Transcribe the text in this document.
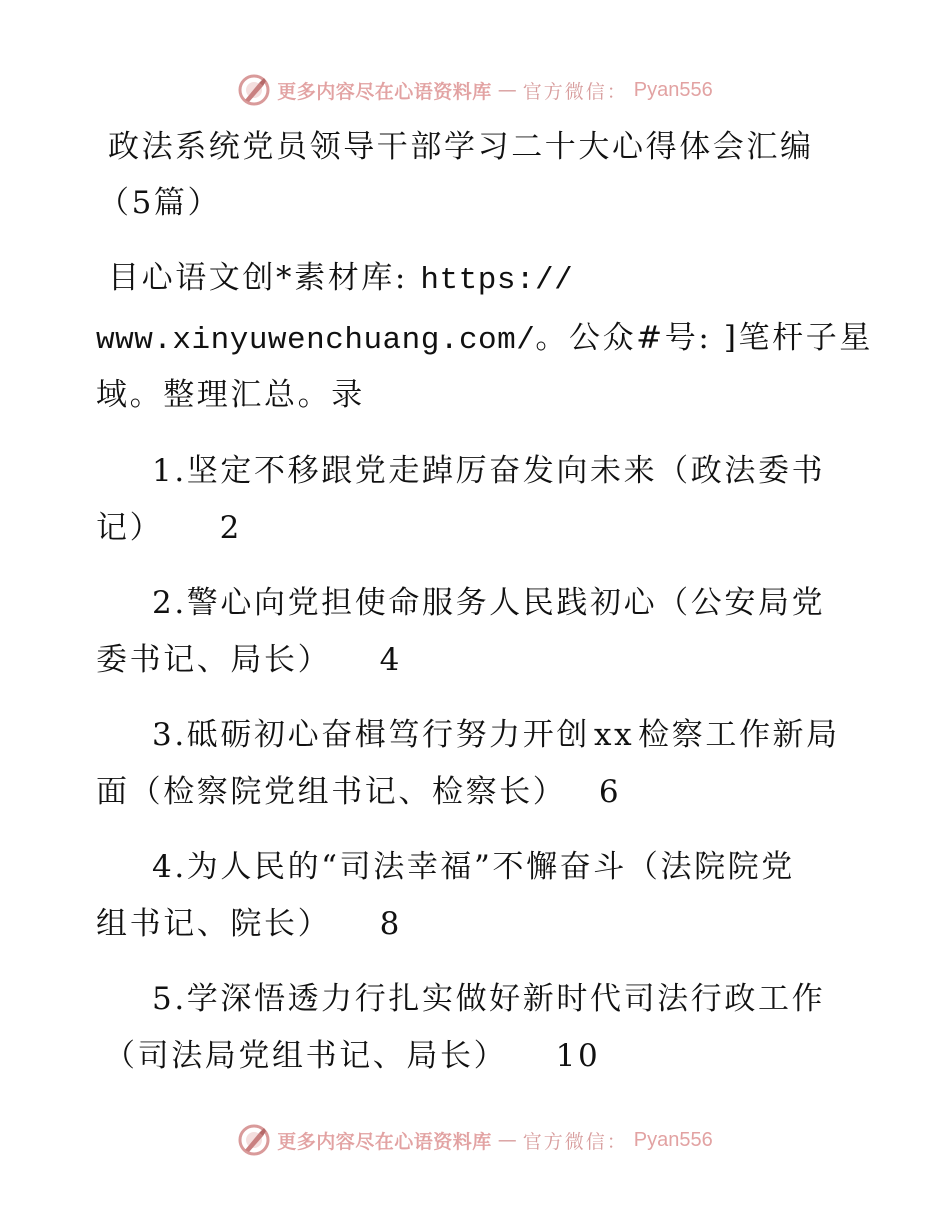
更多内容尽在心语资料库 — 官方微信： Pyan556
政法系统党员领导干部学习二十大心得体会汇编
（5篇）
目心语文创*素材库: https://
www.xinyuwenchuang.com/。公众#号: ]笔杆子星
域。整理汇总。录
1.坚定不移跟党走踔厉奋发向未来（政法委书
记） 2
2.警心向党担使命服务人民践初心（公安局党
委书记、局长） 4
3.砥砺初心奋楫笃行努力开创 xx 检察工作新局
面（检察院党组书记、检察长） 6
4.为人民的“司法幸福”不懈奋斗（法院院党
组书记、院长） 8
5.学深悟透力行扎实做好新时代司法行政工作
（司法局党组书记、局长） 10
更多内容尽在心语资料库 — 官方微信： Pyan556
